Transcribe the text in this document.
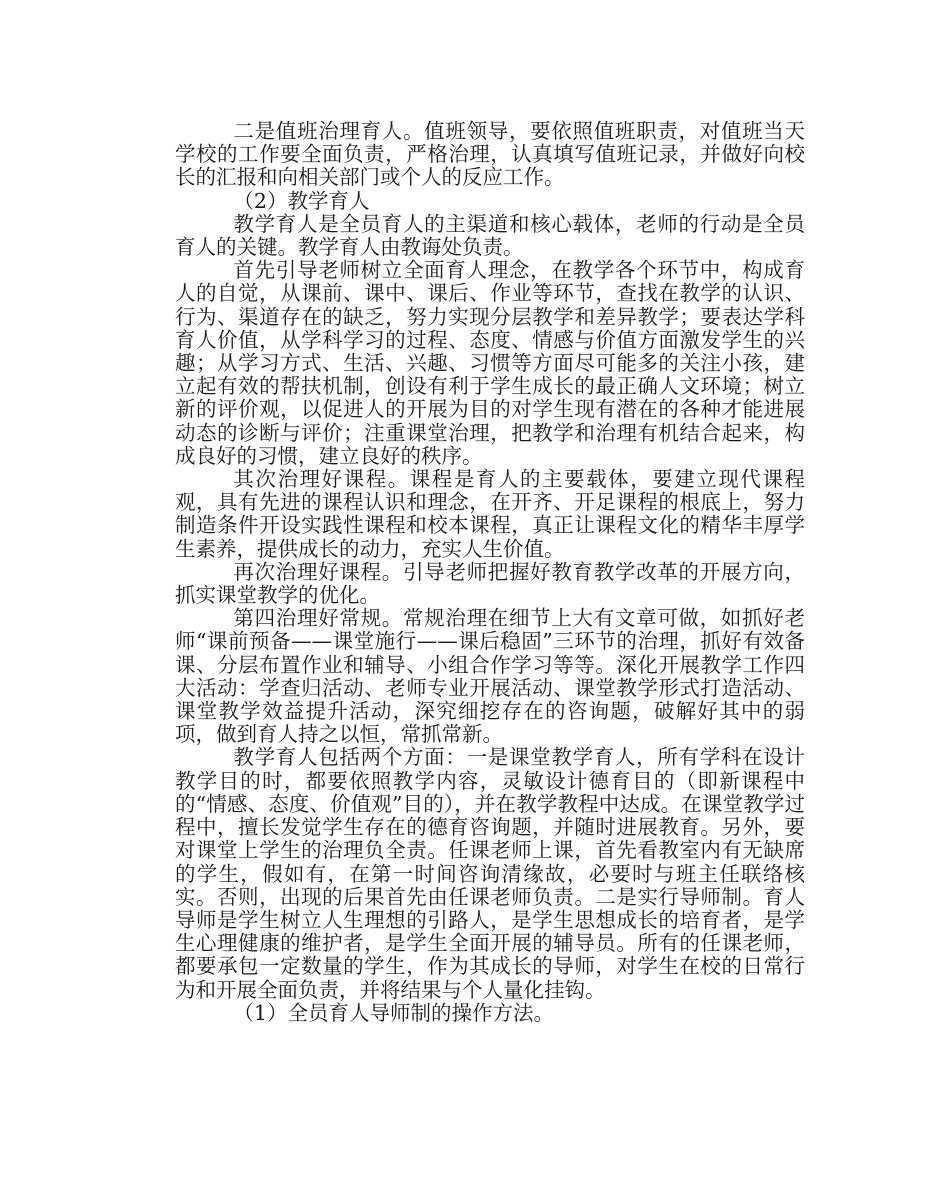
二是值班治理育人。值班领导，要依照值班职责，对值班当天学校的工作要全面负责，严格治理，认真填写值班记录，并做好向校长的汇报和向相关部门或个人的反应工作。

（2）教学育人

教学育人是全员育人的主渠道和核心载体，老师的行动是全员育人的关键。教学育人由教诲处负责。

首先引导老师树立全面育人理念，在教学各个环节中，构成育人的自觉，从课前、课中、课后、作业等环节，查找在教学的认识、行为、渠道存在的缺乏，努力实现分层教学和差异教学；要表达学科育人价值，从学科学习的过程、态度、情感与价值方面激发学生的兴趣；从学习方式、生活、兴趣、习惯等方面尽可能多的关注小孩，建立起有效的帮扶机制，创设有利于学生成长的最正确人文环境；树立新的评价观，以促进人的开展为目的对学生现有潜在的各种才能进展动态的诊断与评价；注重课堂治理，把教学和治理有机结合起来，构成良好的习惯，建立良好的秩序。

其次治理好课程。课程是育人的主要载体，要建立现代课程观，具有先进的课程认识和理念，在开齐、开足课程的根底上，努力制造条件开设实践性课程和校本课程，真正让课程文化的精华丰厚学生素养，提供成长的动力，充实人生价值。

再次治理好课程。引导老师把握好教育教学改革的开展方向，抓实课堂教学的优化。

第四治理好常规。常规治理在细节上大有文章可做，如抓好老师“课前预备——课堂施行——课后稳固”三环节的治理，抓好有效备课、分层布置作业和辅导、小组合作学习等等。深化开展教学工作四大活动：学查归活动、老师专业开展活动、课堂教学形式打造活动、课堂教学效益提升活动，深究细挖存在的咨询题，破解好其中的弱项，做到育人持之以恒，常抓常新。

教学育人包括两个方面：一是课堂教学育人，所有学科在设计教学目的时，都要依照教学内容，灵敏设计德育目的（即新课程中的“情感、态度、价值观”目的），并在教学教程中达成。在课堂教学过程中，擅长发觉学生存在的德育咨询题，并随时进展教育。另外，要对课堂上学生的治理负全责。任课老师上课，首先看教室内有无缺席的学生，假如有，在第一时间咨询清缘故，必要时与班主任联络核实。否则，出现的后果首先由任课老师负责。二是实行导师制。育人导师是学生树立人生理想的引路人，是学生思想成长的培育者，是学生心理健康的维护者，是学生全面开展的辅导员。所有的任课老师，都要承包一定数量的学生，作为其成长的导师，对学生在校的日常行为和开展全面负责，并将结果与个人量化挂钩。

（1）全员育人导师制的操作方法。
